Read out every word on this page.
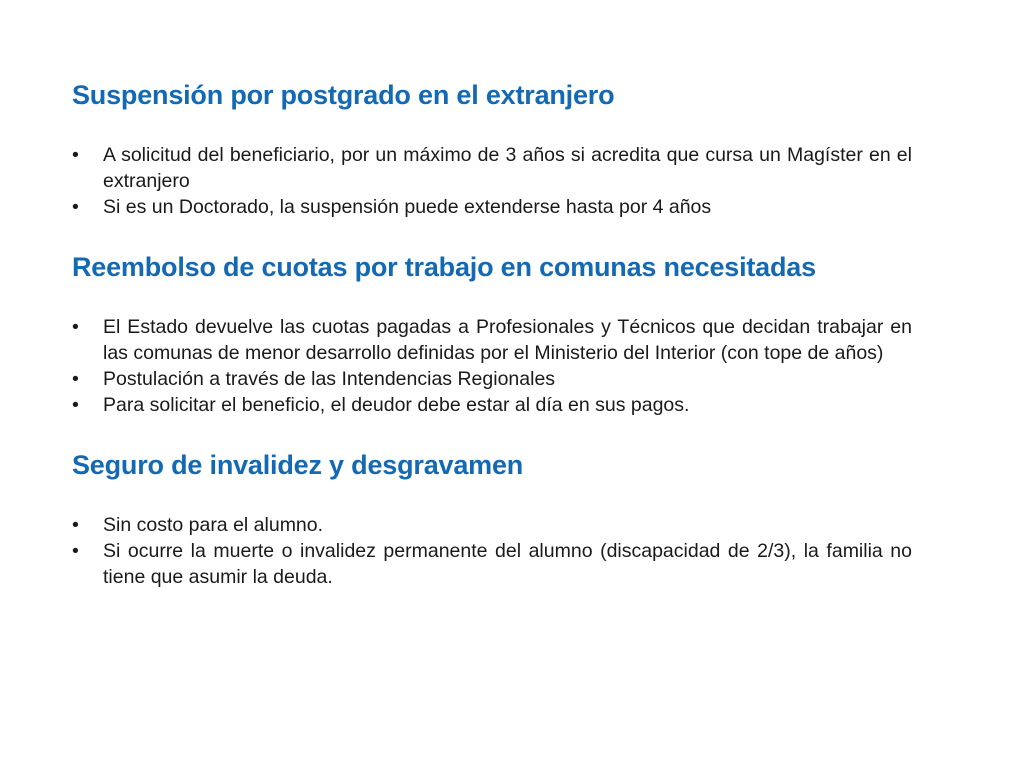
Suspensión por postgrado en el extranjero
•	A solicitud del beneficiario, por un máximo de 3 años si acredita que cursa un Magíster en el extranjero
•	Si es un Doctorado, la suspensión puede extenderse hasta por 4 años
Reembolso de cuotas por trabajo en comunas necesitadas
•	El Estado devuelve las cuotas pagadas a Profesionales y Técnicos que decidan trabajar en las comunas de menor desarrollo definidas por el Ministerio del Interior (con tope de años)
•	Postulación a través de las Intendencias Regionales
•	Para solicitar el beneficio, el deudor debe estar al día en sus pagos.
Seguro de invalidez y desgravamen
•	Sin costo para el alumno.
•	Si ocurre la muerte o invalidez permanente del alumno (discapacidad de 2/3), la familia no tiene que asumir la deuda.
